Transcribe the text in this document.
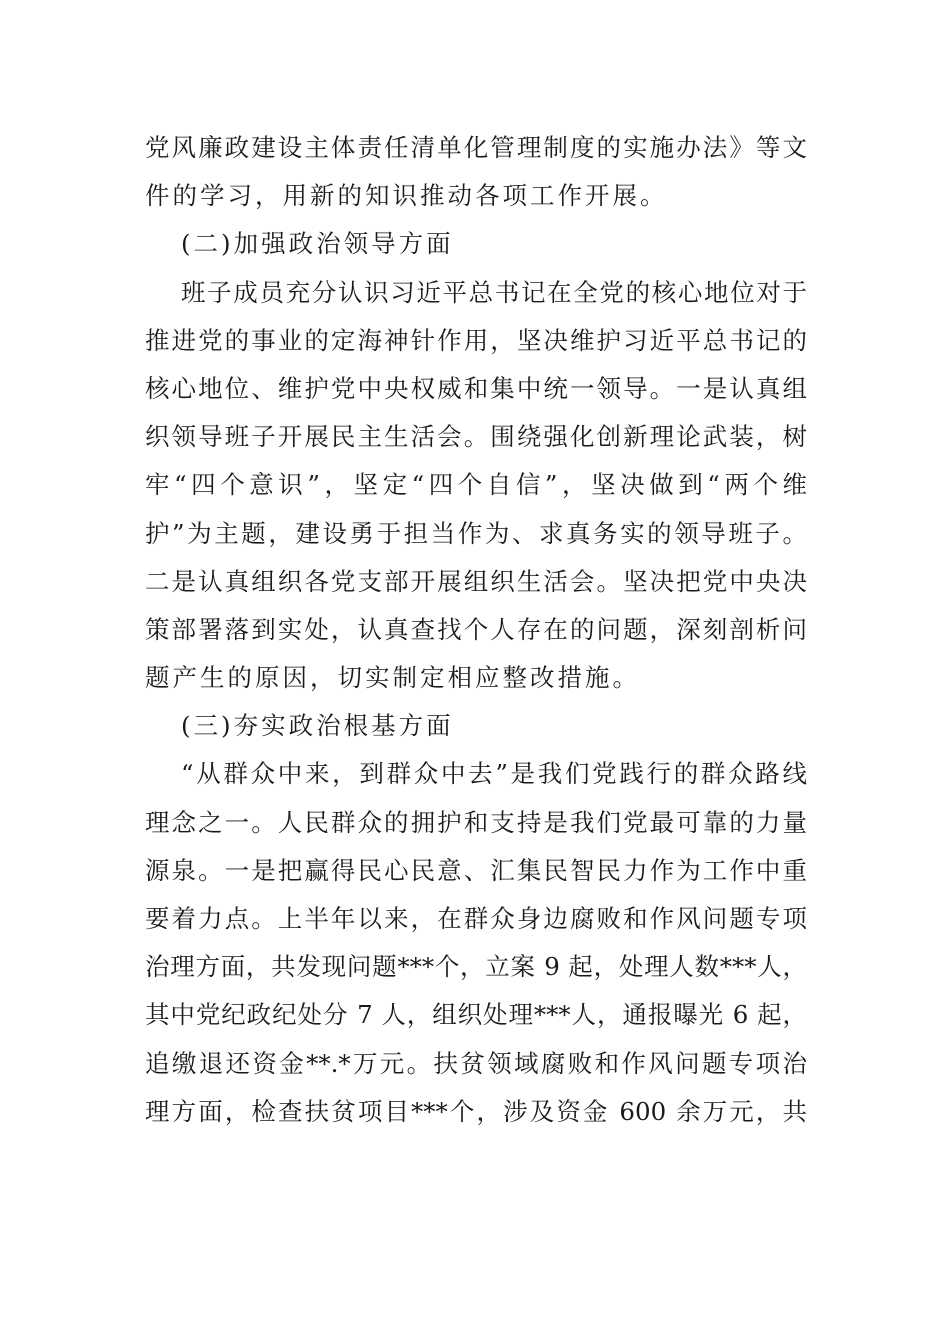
党风廉政建设主体责任清单化管理制度的实施办法》等文
件的学习，用新的知识推动各项工作开展。
(二)加强政治领导方面
班子成员充分认识习近平总书记在全党的核心地位对于
推进党的事业的定海神针作用，坚决维护习近平总书记的
核心地位、维护党中央权威和集中统一领导。一是认真组
织领导班子开展民主生活会。围绕强化创新理论武装，树
牢“四个意识”，坚定“四个自信”，坚决做到“两个维
护”为主题，建设勇于担当作为、求真务实的领导班子。
二是认真组织各党支部开展组织生活会。坚决把党中央决
策部署落到实处，认真查找个人存在的问题，深刻剖析问
题产生的原因，切实制定相应整改措施。
(三)夯实政治根基方面
“从群众中来，到群众中去”是我们党践行的群众路线
理念之一。人民群众的拥护和支持是我们党最可靠的力量
源泉。一是把赢得民心民意、汇集民智民力作为工作中重
要着力点。上半年以来，在群众身边腐败和作风问题专项
治理方面，共发现问题***个，立案 9 起，处理人数***人，
其中党纪政纪处分 7 人，组织处理***人，通报曝光 6 起，
追缴退还资金**.*万元。扶贫领域腐败和作风问题专项治
理方面，检查扶贫项目***个，涉及资金 600 余万元，共
